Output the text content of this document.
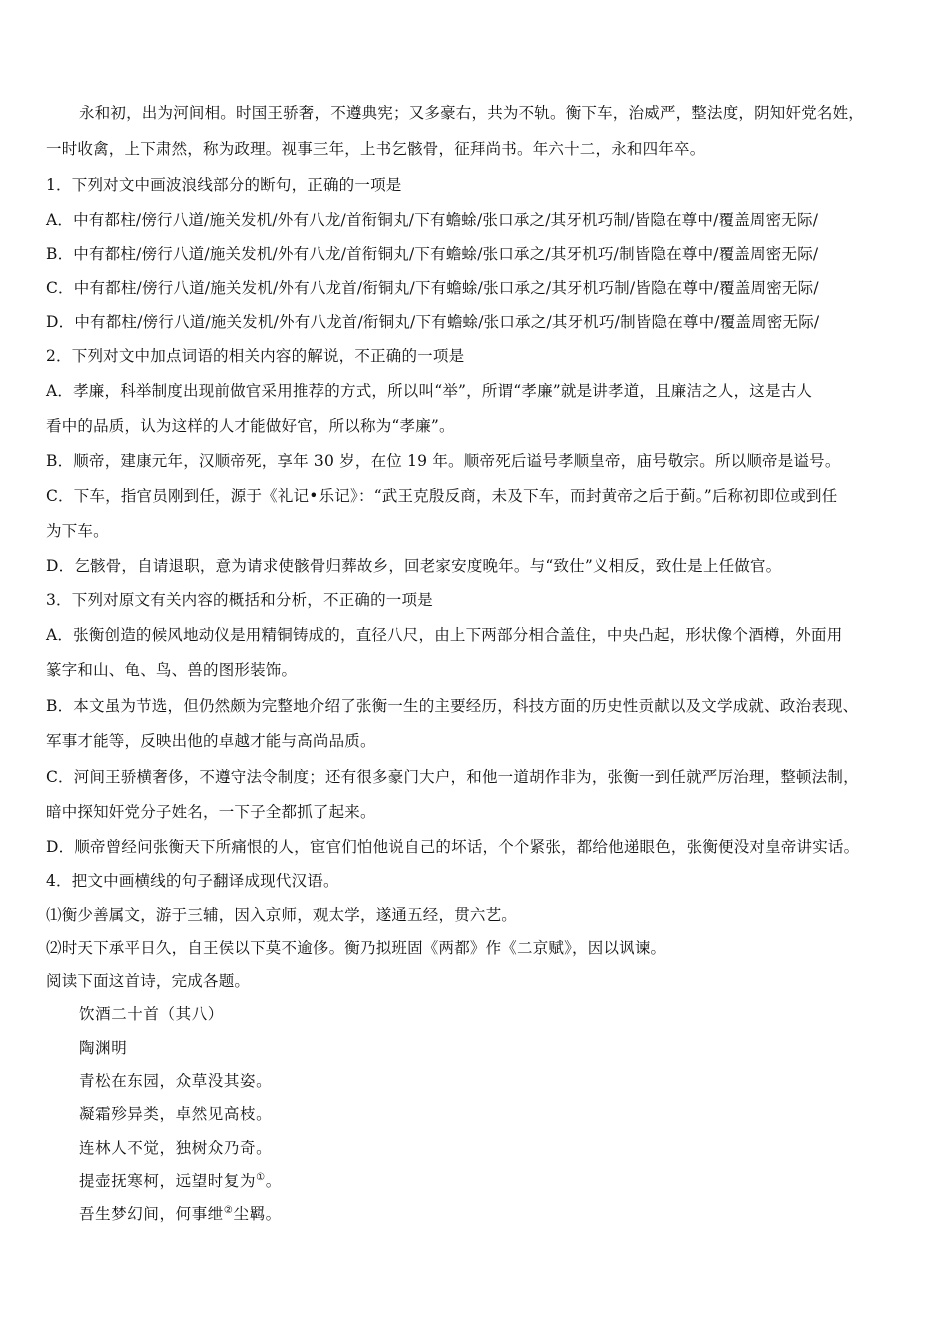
永和初，出为河间相。时国王骄奢，不遵典宪；又多豪右，共为不轨。衡下车，治威严，整法度，阴知奸党名姓，
一时收禽，上下肃然，称为政理。视事三年，上书乞骸骨，征拜尚书。年六十二，永和四年卒。
1．下列对文中画波浪线部分的断句，正确的一项是
A．中有都柱/傍行八道/施关发机/外有八龙/首衔铜丸/下有蟾蜍/张口承之/其牙机巧制/皆隐在尊中/覆盖周密无际/
B．中有都柱/傍行八道/施关发机/外有八龙/首衔铜丸/下有蟾蜍/张口承之/其牙机巧/制皆隐在尊中/覆盖周密无际/
C．中有都柱/傍行八道/施关发机/外有八龙首/衔铜丸/下有蟾蜍/张口承之/其牙机巧制/皆隐在尊中/覆盖周密无际/
D．中有都柱/傍行八道/施关发机/外有八龙首/衔铜丸/下有蟾蜍/张口承之/其牙机巧/制皆隐在尊中/覆盖周密无际/
2．下列对文中加点词语的相关内容的解说，不正确的一项是
A．孝廉，科举制度出现前做官采用推荐的方式，所以叫“举”，所谓“孝廉”就是讲孝道，且廉洁之人，这是古人
看中的品质，认为这样的人才能做好官，所以称为“孝廉”。
B．顺帝，建康元年，汉顺帝死，享年 30 岁，在位 19 年。顺帝死后谥号孝顺皇帝，庙号敬宗。所以顺帝是谥号。
C．下车，指官员刚到任，源于《礼记•乐记》：“武王克殷反商，未及下车，而封黄帝之后于蓟。”后称初即位或到任
为下车。
D．乞骸骨，自请退职，意为请求使骸骨归葬故乡，回老家安度晚年。与“致仕”义相反，致仕是上任做官。
3．下列对原文有关内容的概括和分析，不正确的一项是
A．张衡创造的候风地动仪是用精铜铸成的，直径八尺，由上下两部分相合盖住，中央凸起，形状像个酒樽，外面用
篆字和山、龟、鸟、兽的图形装饰。
B．本文虽为节选，但仍然颇为完整地介绍了张衡一生的主要经历，科技方面的历史性贡献以及文学成就、政治表现、
军事才能等，反映出他的卓越才能与高尚品质。
C．河间王骄横奢侈，不遵守法令制度；还有很多豪门大户，和他一道胡作非为，张衡一到任就严厉治理，整顿法制，
暗中探知奸党分子姓名，一下子全都抓了起来。
D．顺帝曾经问张衡天下所痛恨的人，宦官们怕他说自己的坏话，个个紧张，都给他递眼色，张衡便没对皇帝讲实话。
4．把文中画横线的句子翻译成现代汉语。
⑴衡少善属文，游于三辅，因入京师，观太学，遂通五经，贯六艺。
⑵时天下承平日久，自王侯以下莫不逾侈。衡乃拟班固《两都》作《二京赋》，因以讽谏。
阅读下面这首诗，完成各题。
饮酒二十首（其八）
陶渊明
青松在东园，众草没其姿。
凝霜殄异类，卓然见高枝。
连林人不觉，独树众乃奇。
提壶抚寒柯，远望时复为①。
吾生梦幻间，何事绁②尘羁。
